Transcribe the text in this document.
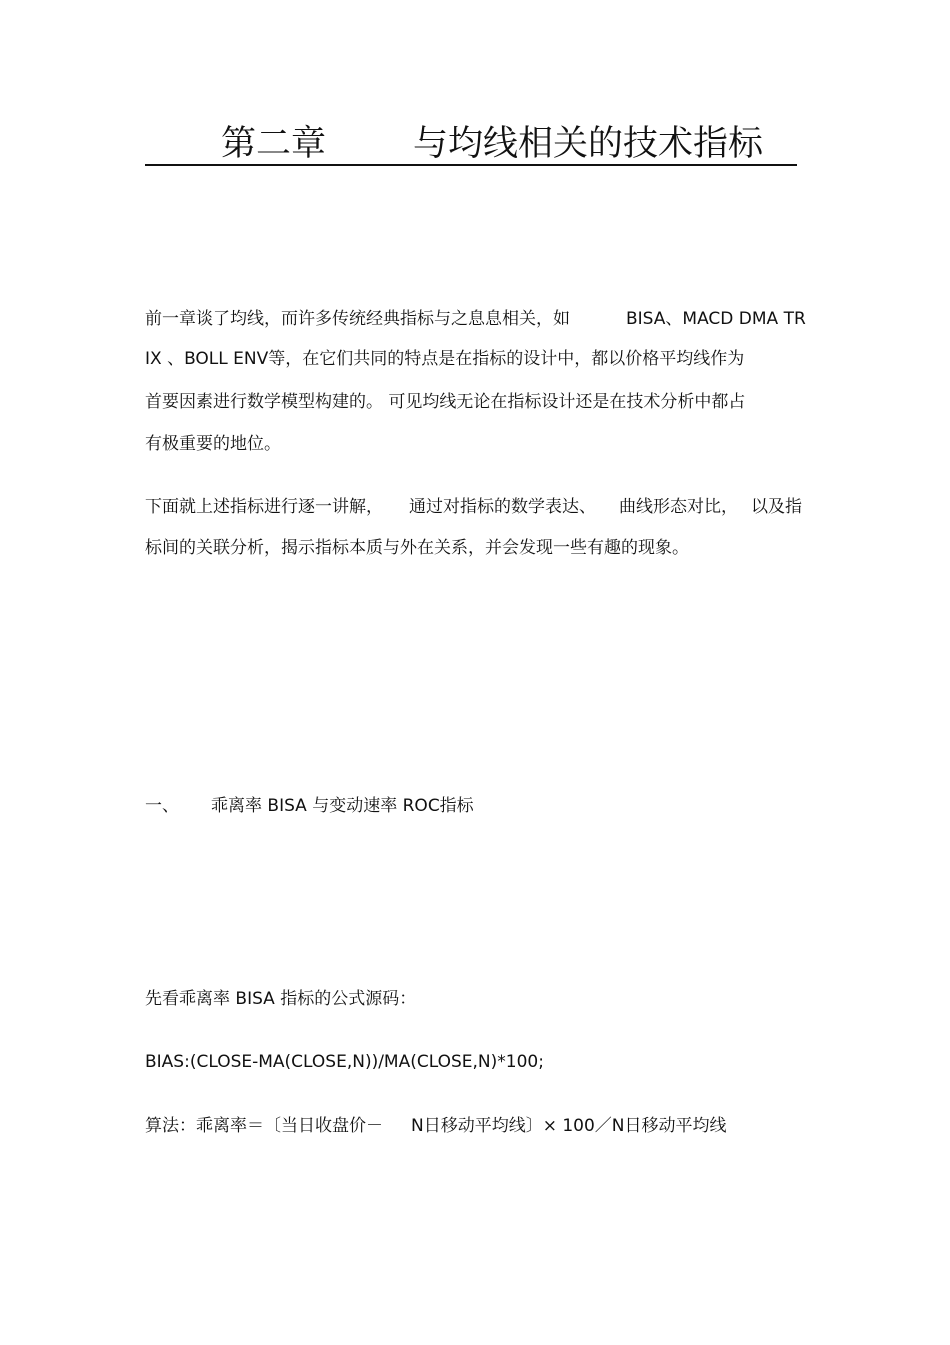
第二章 与均线相关的技术指标
前一章谈了均线，而许多传统经典指标与之息息相关，如	BISA、MACD DMA TR
IX 、BOLL ENV等，在它们共同的特点是在指标的设计中，都以价格平均线作为
首要因素进行数学模型构建的。 可见均线无论在指标设计还是在技术分析中都占
有极重要的地位。
下面就上述指标进行逐一讲解， 通过对指标的数学表达、 曲线形态对比， 以及指
标间的关联分析，揭示指标本质与外在关系，并会发现一些有趣的现象。
一、 乖离率 BISA 与变动速率 ROC指标
先看乖离率 BISA 指标的公式源码：
BIAS:(CLOSE-MA(CLOSE,N))/MA(CLOSE,N)*100;
算法：乖离率＝〔当日收盘价－ N日移动平均线〕× 100／N日移动平均线
